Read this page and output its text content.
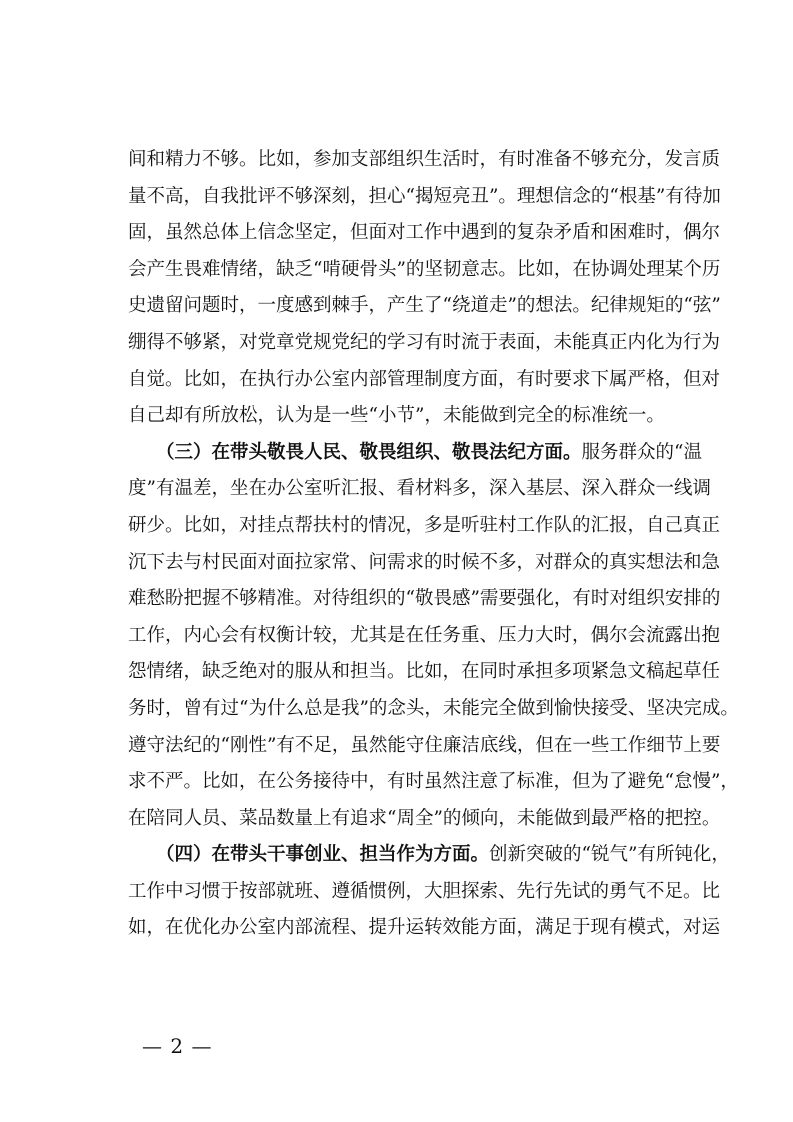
间和精力不够。比如，参加支部组织生活时，有时准备不够充分，发言质
量不高，自我批评不够深刻，担心“揭短亮丑”。理想信念的“根基”有待加
固，虽然总体上信念坚定，但面对工作中遇到的复杂矛盾和困难时，偶尔
会产生畏难情绪，缺乏“啃硬骨头”的坚韧意志。比如，在协调处理某个历
史遗留问题时，一度感到棘手，产生了“绕道走”的想法。纪律规矩的“弦”
绷得不够紧，对党章党规党纪的学习有时流于表面，未能真正内化为行为
自觉。比如，在执行办公室内部管理制度方面，有时要求下属严格，但对
自己却有所放松，认为是一些“小节”，未能做到完全的标准统一。
（三）在带头敬畏人民、敬畏组织、敬畏法纪方面。服务群众的“温
度”有温差，坐在办公室听汇报、看材料多，深入基层、深入群众一线调
研少。比如，对挂点帮扶村的情况，多是听驻村工作队的汇报，自己真正
沉下去与村民面对面拉家常、问需求的时候不多，对群众的真实想法和急
难愁盼把握不够精准。对待组织的“敬畏感”需要强化，有时对组织安排的
工作，内心会有权衡计较，尤其是在任务重、压力大时，偶尔会流露出抱
怨情绪，缺乏绝对的服从和担当。比如，在同时承担多项紧急文稿起草任
务时，曾有过“为什么总是我”的念头，未能完全做到愉快接受、坚决完成。
遵守法纪的“刚性”有不足，虽然能守住廉洁底线，但在一些工作细节上要
求不严。比如，在公务接待中，有时虽然注意了标准，但为了避免“怠慢”，
在陪同人员、菜品数量上有追求“周全”的倾向，未能做到最严格的把控。
（四）在带头干事创业、担当作为方面。创新突破的“锐气”有所钝化，
工作中习惯于按部就班、遵循惯例，大胆探索、先行先试的勇气不足。比
如，在优化办公室内部流程、提升运转效能方面，满足于现有模式，对运
— 2 —
